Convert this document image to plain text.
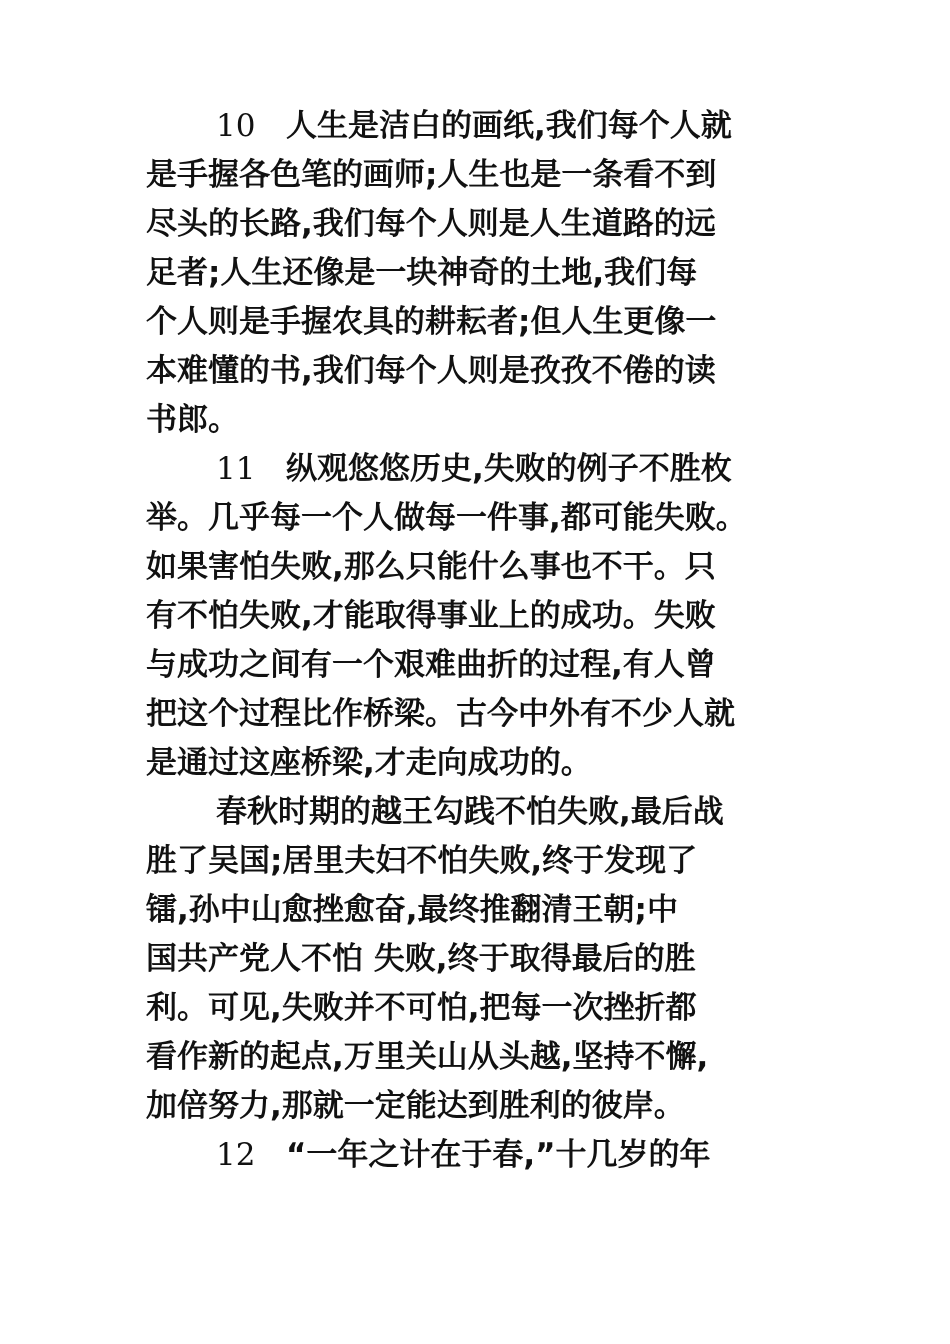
10 人生是洁白的画纸,我们每个人就
是手握各色笔的画师;人生也是一条看不到
尽头的长路,我们每个人则是人生道路的远
足者;人生还像是一块神奇的土地,我们每
个人则是手握农具的耕耘者;但人生更像一
本难懂的书,我们每个人则是孜孜不倦的读
书郎。
11 纵观悠悠历史,失败的例子不胜枚
举。几乎每一个人做每一件事,都可能失败。
如果害怕失败,那么只能什么事也不干。只
有不怕失败,才能取得事业上的成功。失败
与成功之间有一个艰难曲折的过程,有人曾
把这个过程比作桥梁。古今中外有不少人就
是通过这座桥梁,才走向成功的。
春秋时期的越王勾践不怕失败,最后战
胜了吴国;居里夫妇不怕失败,终于发现了
镭,孙中山愈挫愈奋,最终推翻清王朝;中
国共产党人不怕 失败,终于取得最后的胜
利。可见,失败并不可怕,把每一次挫折都
看作新的起点,万里关山从头越,坚持不懈,
加倍努力,那就一定能达到胜利的彼岸。
12 “一年之计在于春,”十几岁的年
